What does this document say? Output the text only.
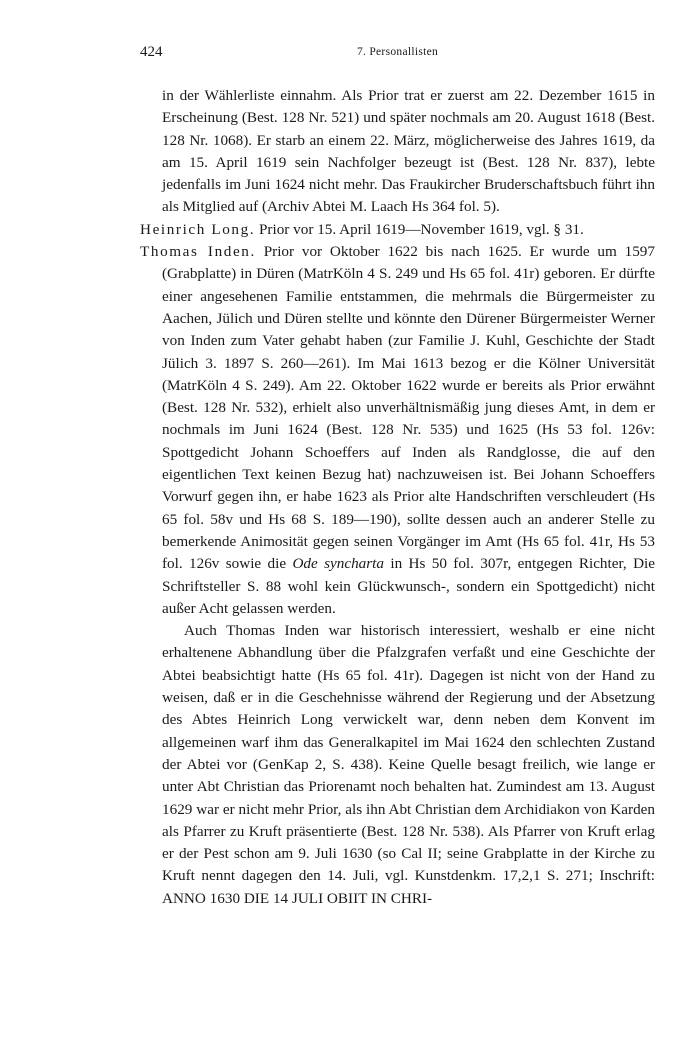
424	7. Personallisten

in der Wählerliste einnahm. Als Prior trat er zuerst am 22. Dezember 1615 in Erscheinung (Best. 128 Nr. 521) und später nochmals am 20. August 1618 (Best. 128 Nr. 1068). Er starb an einem 22. März, möglicherweise des Jahres 1619, da am 15. April 1619 sein Nachfolger bezeugt ist (Best. 128 Nr. 837), lebte jedenfalls im Juni 1624 nicht mehr. Das Fraukircher Bruderschaftsbuch führt ihn als Mitglied auf (Archiv Abtei M. Laach Hs 364 fol. 5).

Heinrich Long. Prior vor 15. April 1619—November 1619, vgl. § 31.

Thomas Inden. Prior vor Oktober 1622 bis nach 1625. Er wurde um 1597 (Grabplatte) in Düren (MatrKöln 4 S. 249 und Hs 65 fol. 41r) geboren. Er dürfte einer angesehenen Familie entstammen, die mehrmals die Bürgermeister zu Aachen, Jülich und Düren stellte und könnte den Dürener Bürgermeister Werner von Inden zum Vater gehabt haben (zur Familie J. Kuhl, Geschichte der Stadt Jülich 3. 1897 S. 260—261). Im Mai 1613 bezog er die Kölner Universität (MatrKöln 4 S. 249). Am 22. Oktober 1622 wurde er bereits als Prior erwähnt (Best. 128 Nr. 532), erhielt also unverhältnismäßig jung dieses Amt, in dem er nochmals im Juni 1624 (Best. 128 Nr. 535) und 1625 (Hs 53 fol. 126v: Spottgedicht Johann Schoeffers auf Inden als Randglosse, die auf den eigentlichen Text keinen Bezug hat) nachzuweisen ist. Bei Johann Schoeffers Vorwurf gegen ihn, er habe 1623 als Prior alte Handschriften verschleudert (Hs 65 fol. 58v und Hs 68 S. 189—190), sollte dessen auch an anderer Stelle zu bemerkende Animosität gegen seinen Vorgänger im Amt (Hs 65 fol. 41r, Hs 53 fol. 126v sowie die Ode syncharta in Hs 50 fol. 307r, entgegen Richter, Die Schriftsteller S. 88 wohl kein Glückwunsch-, sondern ein Spottgedicht) nicht außer Acht gelassen werden.

Auch Thomas Inden war historisch interessiert, weshalb er eine nicht erhaltenene Abhandlung über die Pfalzgrafen verfaßt und eine Geschichte der Abtei beabsichtigt hatte (Hs 65 fol. 41r). Dagegen ist nicht von der Hand zu weisen, daß er in die Geschehnisse während der Regierung und der Absetzung des Abtes Heinrich Long verwickelt war, denn neben dem Konvent im allgemeinen warf ihm das Generalkapitel im Mai 1624 den schlechten Zustand der Abtei vor (GenKap 2, S. 438). Keine Quelle besagt freilich, wie lange er unter Abt Christian das Priorenamt noch behalten hat. Zumindest am 13. August 1629 war er nicht mehr Prior, als ihn Abt Christian dem Archidiakon von Karden als Pfarrer zu Kruft präsentierte (Best. 128 Nr. 538). Als Pfarrer von Kruft erlag er der Pest schon am 9. Juli 1630 (so Cal II; seine Grabplatte in der Kirche zu Kruft nennt dagegen den 14. Juli, vgl. Kunstdenkm. 17,2,1 S. 271; Inschrift: ANNO 1630 DIE 14 JULI OBIIT IN CHRI-
